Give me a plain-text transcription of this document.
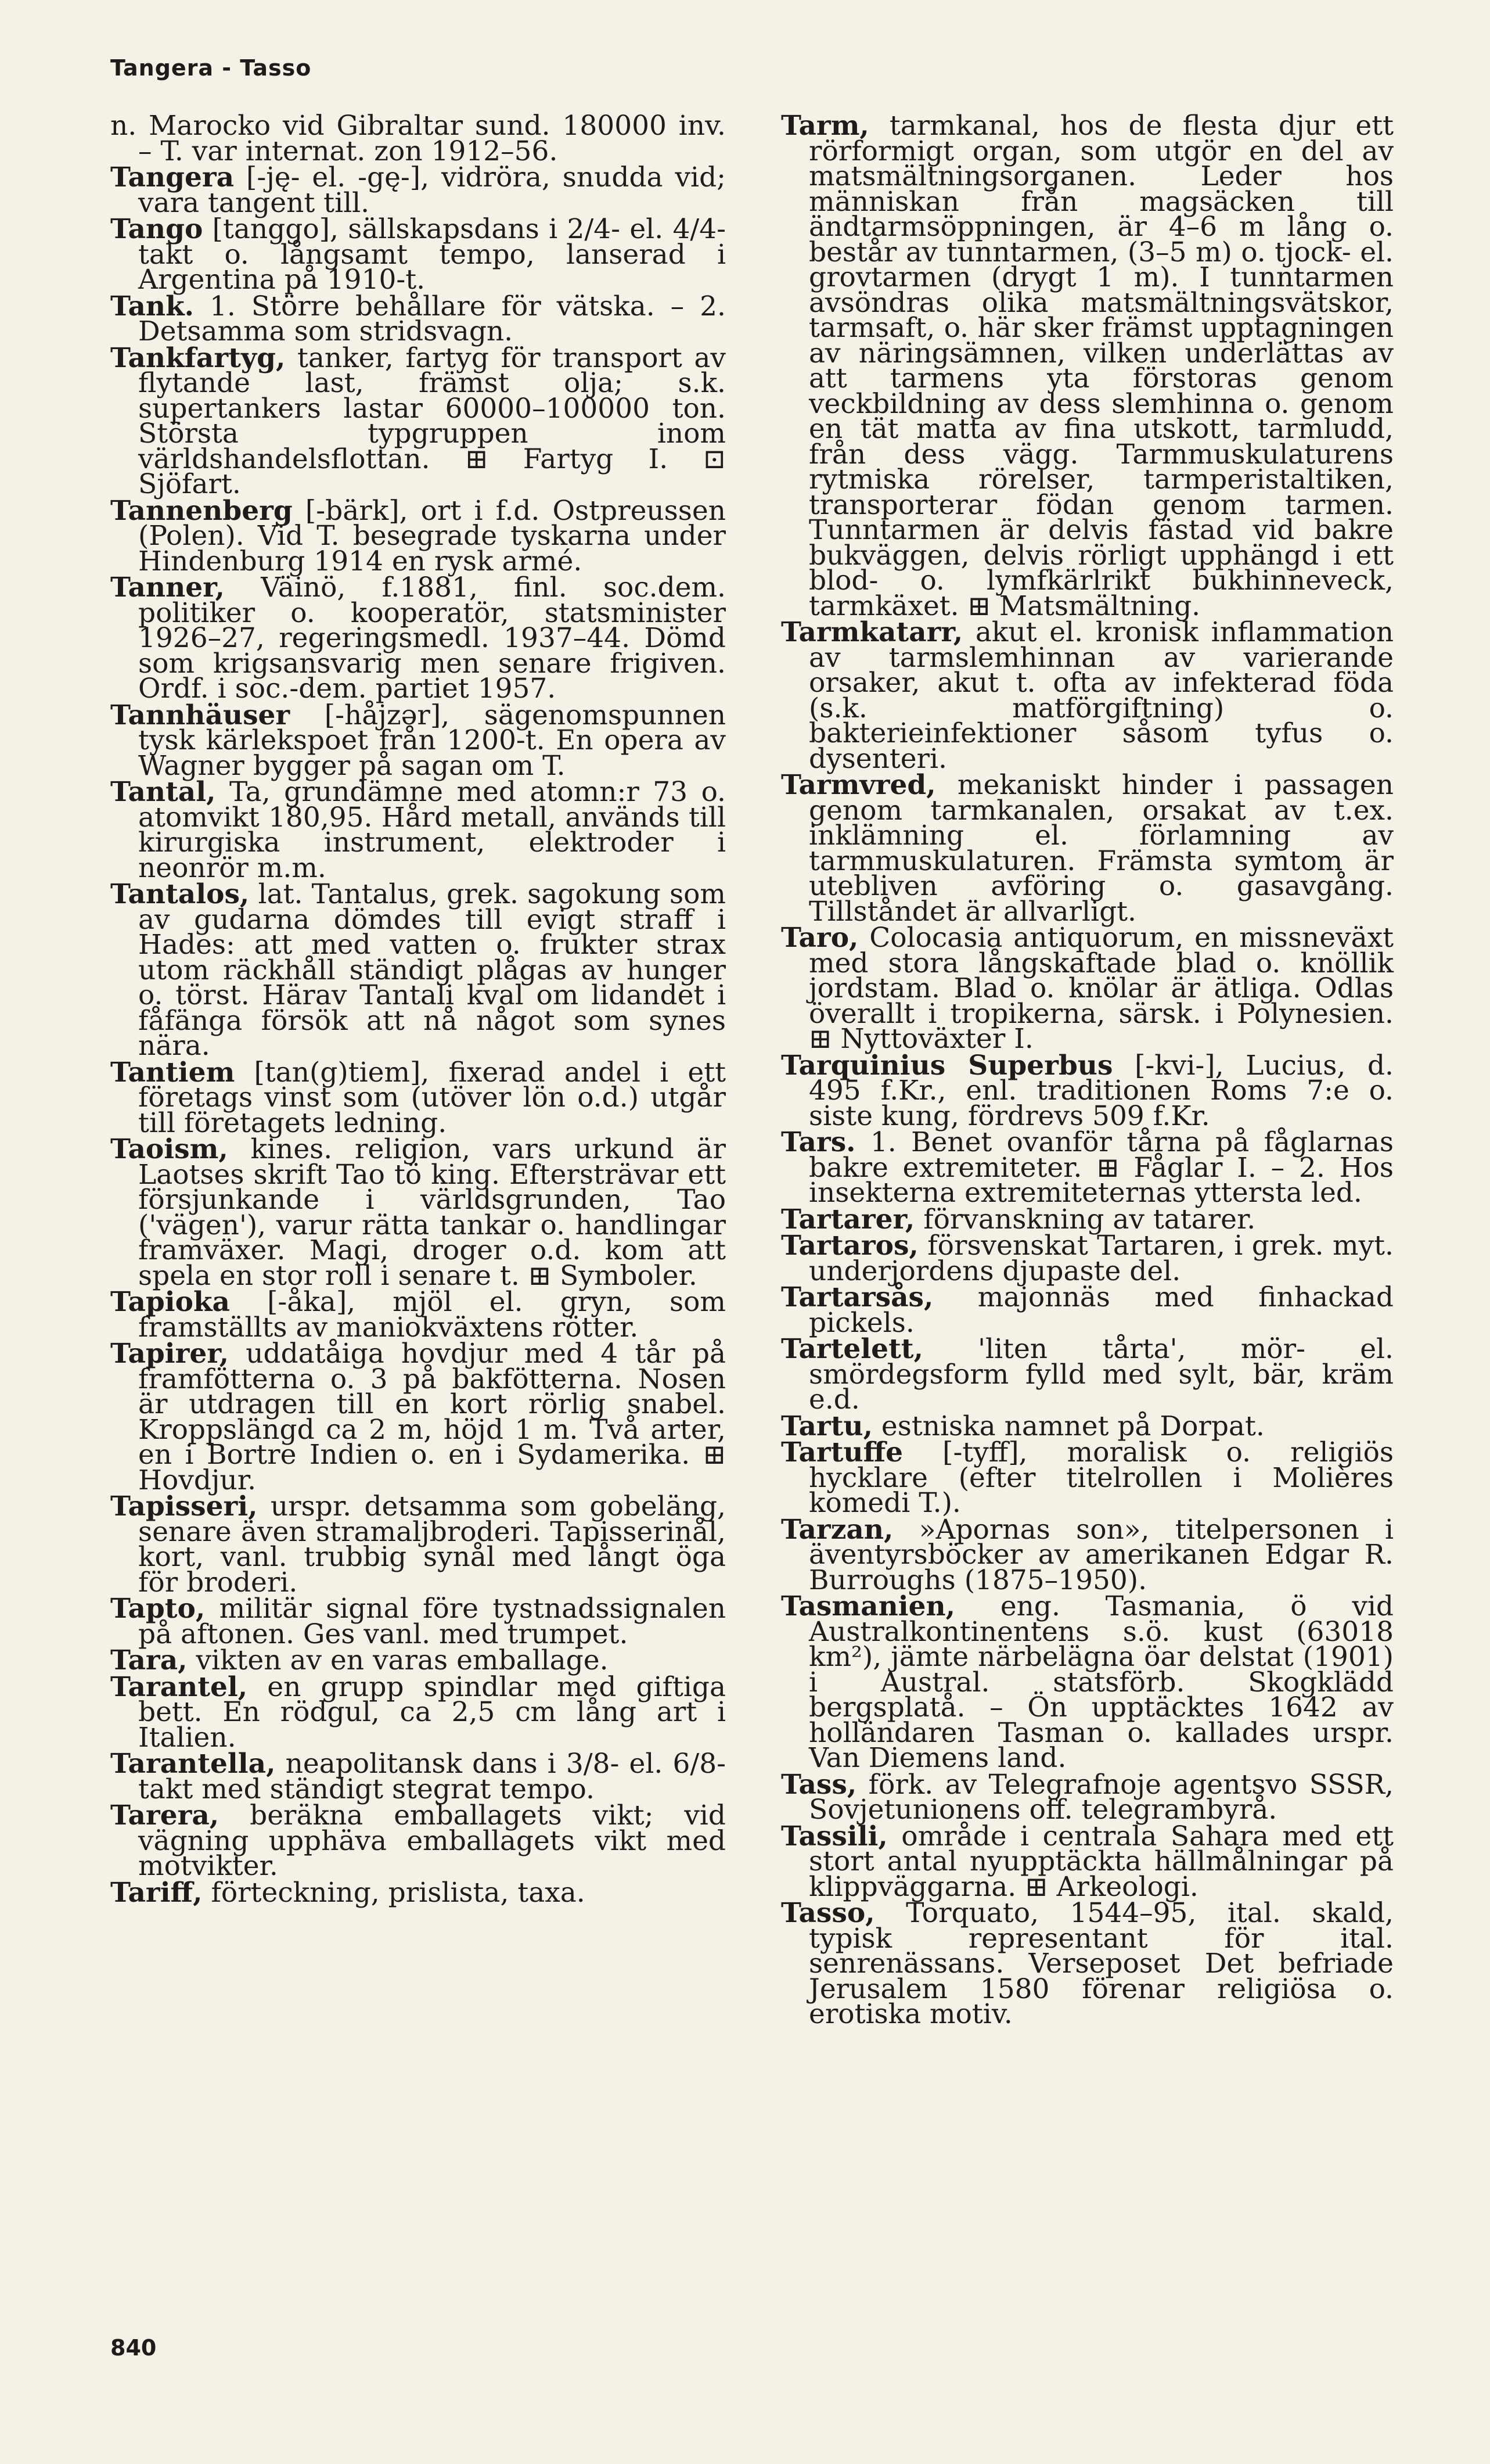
Tangera - Tasso
n. Marocko vid Gibraltar sund. 180000 inv. – T. var internat. zon 1912–56.
Tangera [-ję- el. -gę-], vidröra, snudda vid; vara tangent till.
Tango [tanggo], sällskapsdans i 2/4- el. 4/4-takt o. långsamt tempo, lanserad i Argentina på 1910-t.
Tank. 1. Större behållare för vätska. – 2. Detsamma som stridsvagn.
Tankfartyg, tanker, fartyg för transport av flytande last, främst olja; s.k. supertankers lastar 60000–100000 ton. Största typgruppen inom världshandelsflottan. ⊞ Fartyg I. ⊡ Sjöfart.
Tannenberg [-bärk], ort i f.d. Ostpreussen (Polen). Vid T. besegrade tyskarna under Hindenburg 1914 en rysk armé.
Tanner, Väinö, f.1881, finl. soc.dem. politiker o. kooperatör, statsminister 1926–27, regeringsmedl. 1937–44. Dömd som krigsansvarig men senare frigiven. Ordf. i soc.-dem. partiet 1957.
Tannhäuser [-håjzər], sägenomspunnen tysk kärlekspoet från 1200-t. En opera av Wagner bygger på sagan om T.
Tantal, Ta, grundämne med atomn:r 73 o. atomvikt 180,95. Hård metall, används till kirurgiska instrument, elektroder i neonrör m.m.
Tantalos, lat. Tantalus, grek. sagokung som av gudarna dömdes till evigt straff i Hades: att med vatten o. frukter strax utom räckhåll ständigt plågas av hunger o. törst. Härav Tantali kval om lidandet i fåfänga försök att nå något som synes nära.
Tantiem [tan(g)tiem], fixerad andel i ett företags vinst som (utöver lön o.d.) utgår till företagets ledning.
Taoism, kines. religion, vars urkund är Laotses skrift Tao tö king. Eftersträvar ett försjunkande i världsgrunden, Tao ('vägen'), varur rätta tankar o. handlingar framväxer. Magi, droger o.d. kom att spela en stor roll i senare t. ⊞ Symboler.
Tapioka [-åka], mjöl el. gryn, som framställts av maniokväxtens rötter.
Tapirer, uddatåiga hovdjur med 4 tår på framfötterna o. 3 på bakfötterna. Nosen är utdragen till en kort rörlig snabel. Kroppslängd ca 2 m, höjd 1 m. Två arter, en i Bortre Indien o. en i Sydamerika. ⊞ Hovdjur.
Tapisseri, urspr. detsamma som gobeläng, senare även stramaljbroderi. Tapisserinål, kort, vanl. trubbig synål med långt öga för broderi.
Tapto, militär signal före tystnadssignalen på aftonen. Ges vanl. med trumpet.
Tara, vikten av en varas emballage.
Tarantel, en grupp spindlar med giftiga bett. En rödgul, ca 2,5 cm lång art i Italien.
Tarantella, neapolitansk dans i 3/8- el. 6/8-takt med ständigt stegrat tempo.
Tarera, beräkna emballagets vikt; vid vägning upphäva emballagets vikt med motvikter.
Tariff, förteckning, prislista, taxa.
Tarm, tarmkanal, hos de flesta djur ett rörformigt organ, som utgör en del av matsmältningsorganen. Leder hos människan från magsäcken till ändtarmsöppningen, är 4–6 m lång o. består av tunntarmen, (3–5 m) o. tjock- el. grovtarmen (drygt 1 m). I tunntarmen avsöndras olika matsmältningsvätskor, tarmsaft, o. här sker främst upptagningen av näringsämnen, vilken underlättas av att tarmens yta förstoras genom veckbildning av dess slemhinna o. genom en tät matta av fina utskott, tarmludd, från dess vägg. Tarmmuskulaturens rytmiska rörelser, tarmperistaltiken, transporterar födan genom tarmen. Tunntarmen är delvis fästad vid bakre bukväggen, delvis rörligt upphängd i ett blod- o. lymfkärlrikt bukhinneveck, tarmkäxet. ⊞ Matsmältning.
Tarmkatarr, akut el. kronisk inflammation av tarmslemhinnan av varierande orsaker, akut t. ofta av infekterad föda (s.k. matförgiftning) o. bakterieinfektioner såsom tyfus o. dysenteri.
Tarmvred, mekaniskt hinder i passagen genom tarmkanalen, orsakat av t.ex. inklämning el. förlamning av tarmmuskulaturen. Främsta symtom är utebliven avföring o. gasavgång. Tillståndet är allvarligt.
Taro, Colocasia antiquorum, en missneväxt med stora långskaftade blad o. knöllik jordstam. Blad o. knölar är ätliga. Odlas överallt i tropikerna, särsk. i Polynesien. ⊞ Nyttoväxter I.
Tarquinius Superbus [-kvi-], Lucius, d. 495 f.Kr., enl. traditionen Roms 7:e o. siste kung, fördrevs 509 f.Kr.
Tars. 1. Benet ovanför tårna på fåglarnas bakre extremiteter. ⊞ Fåglar I. – 2. Hos insekterna extremiteternas yttersta led.
Tartarer, förvanskning av tatarer.
Tartaros, försvenskat Tartaren, i grek. myt. underjordens djupaste del.
Tartarsås, majonnäs med finhackad pickels.
Tartelett, 'liten tårta', mör- el. smördegsform fylld med sylt, bär, kräm e.d.
Tartu, estniska namnet på Dorpat.
Tartuffe [-tyff], moralisk o. religiös hycklare (efter titelrollen i Molières komedi T.).
Tarzan, »Apornas son», titelpersonen i äventyrsböcker av amerikanen Edgar R. Burroughs (1875–1950).
Tasmanien, eng. Tasmania, ö vid Australkontinentens s.ö. kust (63018 km²), jämte närbelägna öar delstat (1901) i Austral. statsförb. Skogklädd bergsplatå. – Ön upptäcktes 1642 av holländaren Tasman o. kallades urspr. Van Diemens land.
Tass, förk. av Telegrafnoje agentsvo SSSR, Sovjetunionens off. telegrambyrå.
Tassili, område i centrala Sahara med ett stort antal nyupptäckta hällmålningar på klippväggarna. ⊞ Arkeologi.
Tasso, Torquato, 1544–95, ital. skald, typisk representant för ital. senrenässans. Verseposet Det befriade Jerusalem 1580 förenar religiösa o. erotiska motiv.
840
